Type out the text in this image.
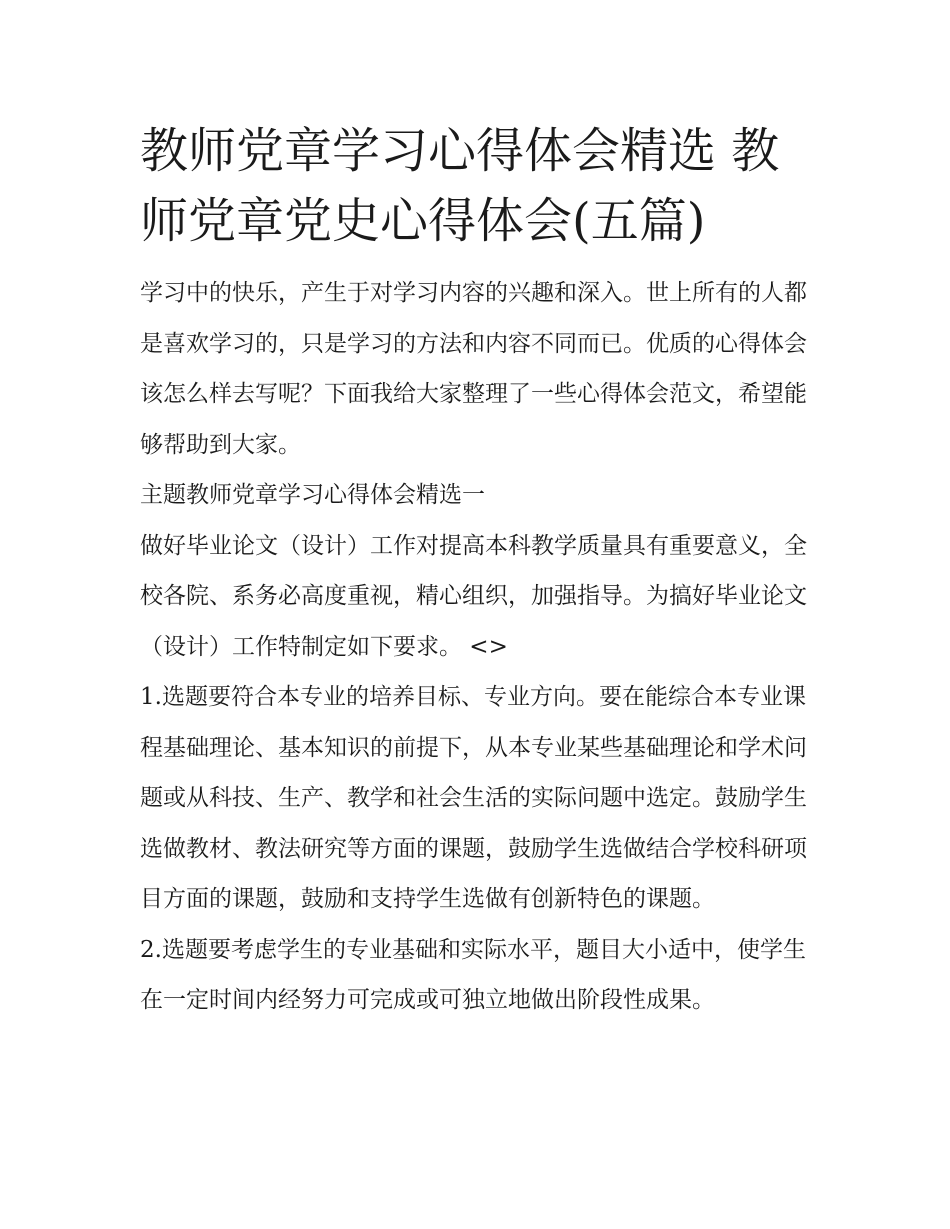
教师党章学习心得体会精选 教师党章党史心得体会(五篇)

学习中的快乐，产生于对学习内容的兴趣和深入。世上所有的人都是喜欢学习的，只是学习的方法和内容不同而已。优质的心得体会该怎么样去写呢？下面我给大家整理了一些心得体会范文，希望能够帮助到大家。

主题教师党章学习心得体会精选一

做好毕业论文（设计）工作对提高本科教学质量具有重要意义，全校各院、系务必高度重视，精心组织，加强指导。为搞好毕业论文（设计）工作特制定如下要求。 <>

1.选题要符合本专业的培养目标、专业方向。要在能综合本专业课程基础理论、基本知识的前提下，从本专业某些基础理论和学术问题或从科技、生产、教学和社会生活的实际问题中选定。鼓励学生选做教材、教法研究等方面的课题，鼓励学生选做结合学校科研项目方面的课题，鼓励和支持学生选做有创新特色的课题。

2.选题要考虑学生的专业基础和实际水平，题目大小适中，使学生在一定时间内经努力可完成或可独立地做出阶段性成果。
